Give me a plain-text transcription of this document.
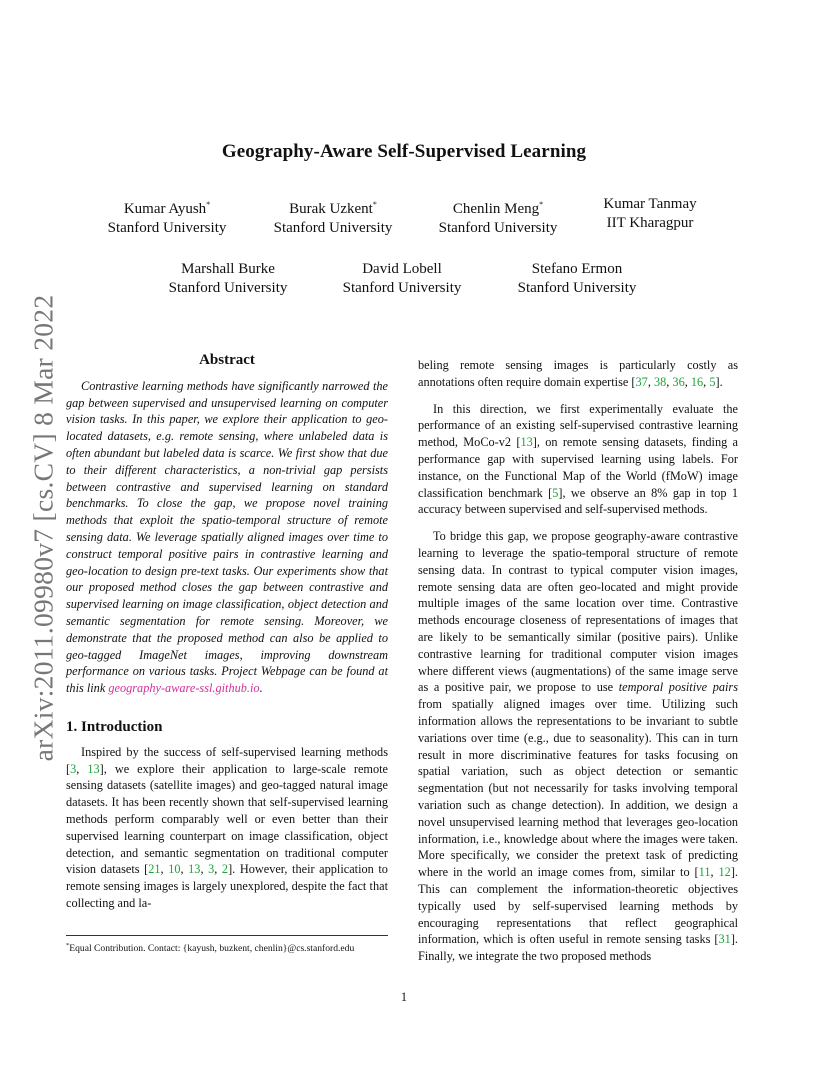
arXiv:2011.09980v7 [cs.CV] 8 Mar 2022
Geography-Aware Self-Supervised Learning
Kumar Ayush*
Stanford University
Burak Uzkent*
Stanford University
Chenlin Meng*
Stanford University
Kumar Tanmay
IIT Kharagpur
Marshall Burke
Stanford University
David Lobell
Stanford University
Stefano Ermon
Stanford University
Abstract

Contrastive learning methods have significantly narrowed the gap between supervised and unsupervised learning on computer vision tasks. In this paper, we explore their application to geo-located datasets, e.g. remote sensing, where unlabeled data is often abundant but labeled data is scarce. We first show that due to their different characteristics, a non-trivial gap persists between contrastive and supervised learning on standard benchmarks. To close the gap, we propose novel training methods that exploit the spatio-temporal structure of remote sensing data. We leverage spatially aligned images over time to construct temporal positive pairs in contrastive learning and geo-location to design pre-text tasks. Our experiments show that our proposed method closes the gap between contrastive and supervised learning on image classification, object detection and semantic segmentation for remote sensing. Moreover, we demonstrate that the proposed method can also be applied to geo-tagged ImageNet images, improving downstream performance on various tasks. Project Webpage can be found at this link geography-aware-ssl.github.io.

1. Introduction

Inspired by the success of self-supervised learning methods [3, 13], we explore their application to large-scale remote sensing datasets (satellite images) and geo-tagged natural image datasets. It has been recently shown that self-supervised learning methods perform comparably well or even better than their supervised learning counterpart on image classification, object detection, and semantic segmentation on traditional computer vision datasets [21, 10, 13, 3, 2]. However, their application to remote sensing images is largely unexplored, despite the fact that collecting and la-

beling remote sensing images is particularly costly as annotations often require domain expertise [37, 38, 36, 16, 5].

In this direction, we first experimentally evaluate the performance of an existing self-supervised contrastive learning method, MoCo-v2 [13], on remote sensing datasets, finding a performance gap with supervised learning using labels. For instance, on the Functional Map of the World (fMoW) image classification benchmark [5], we observe an 8% gap in top 1 accuracy between supervised and self-supervised methods.

To bridge this gap, we propose geography-aware contrastive learning to leverage the spatio-temporal structure of remote sensing data. In contrast to typical computer vision images, remote sensing data are often geo-located and might provide multiple images of the same location over time. Contrastive methods encourage closeness of representations of images that are likely to be semantically similar (positive pairs). Unlike contrastive learning for traditional computer vision images where different views (augmentations) of the same image serve as a positive pair, we propose to use temporal positive pairs from spatially aligned images over time. Utilizing such information allows the representations to be invariant to subtle variations over time (e.g., due to seasonality). This can in turn result in more discriminative features for tasks focusing on spatial variation, such as object detection or semantic segmentation (but not necessarily for tasks involving temporal variation such as change detection). In addition, we design a novel unsupervised learning method that leverages geo-location information, i.e., knowledge about where the images were taken. More specifically, we consider the pretext task of predicting where in the world an image comes from, similar to [11, 12]. This can complement the information-theoretic objectives typically used by self-supervised learning methods by encouraging representations that reflect geographical information, which is often useful in remote sensing tasks [31]. Finally, we integrate the two proposed methods

*Equal Contribution. Contact: {kayush, buzkent, chenlin}@cs.stanford.edu
1
